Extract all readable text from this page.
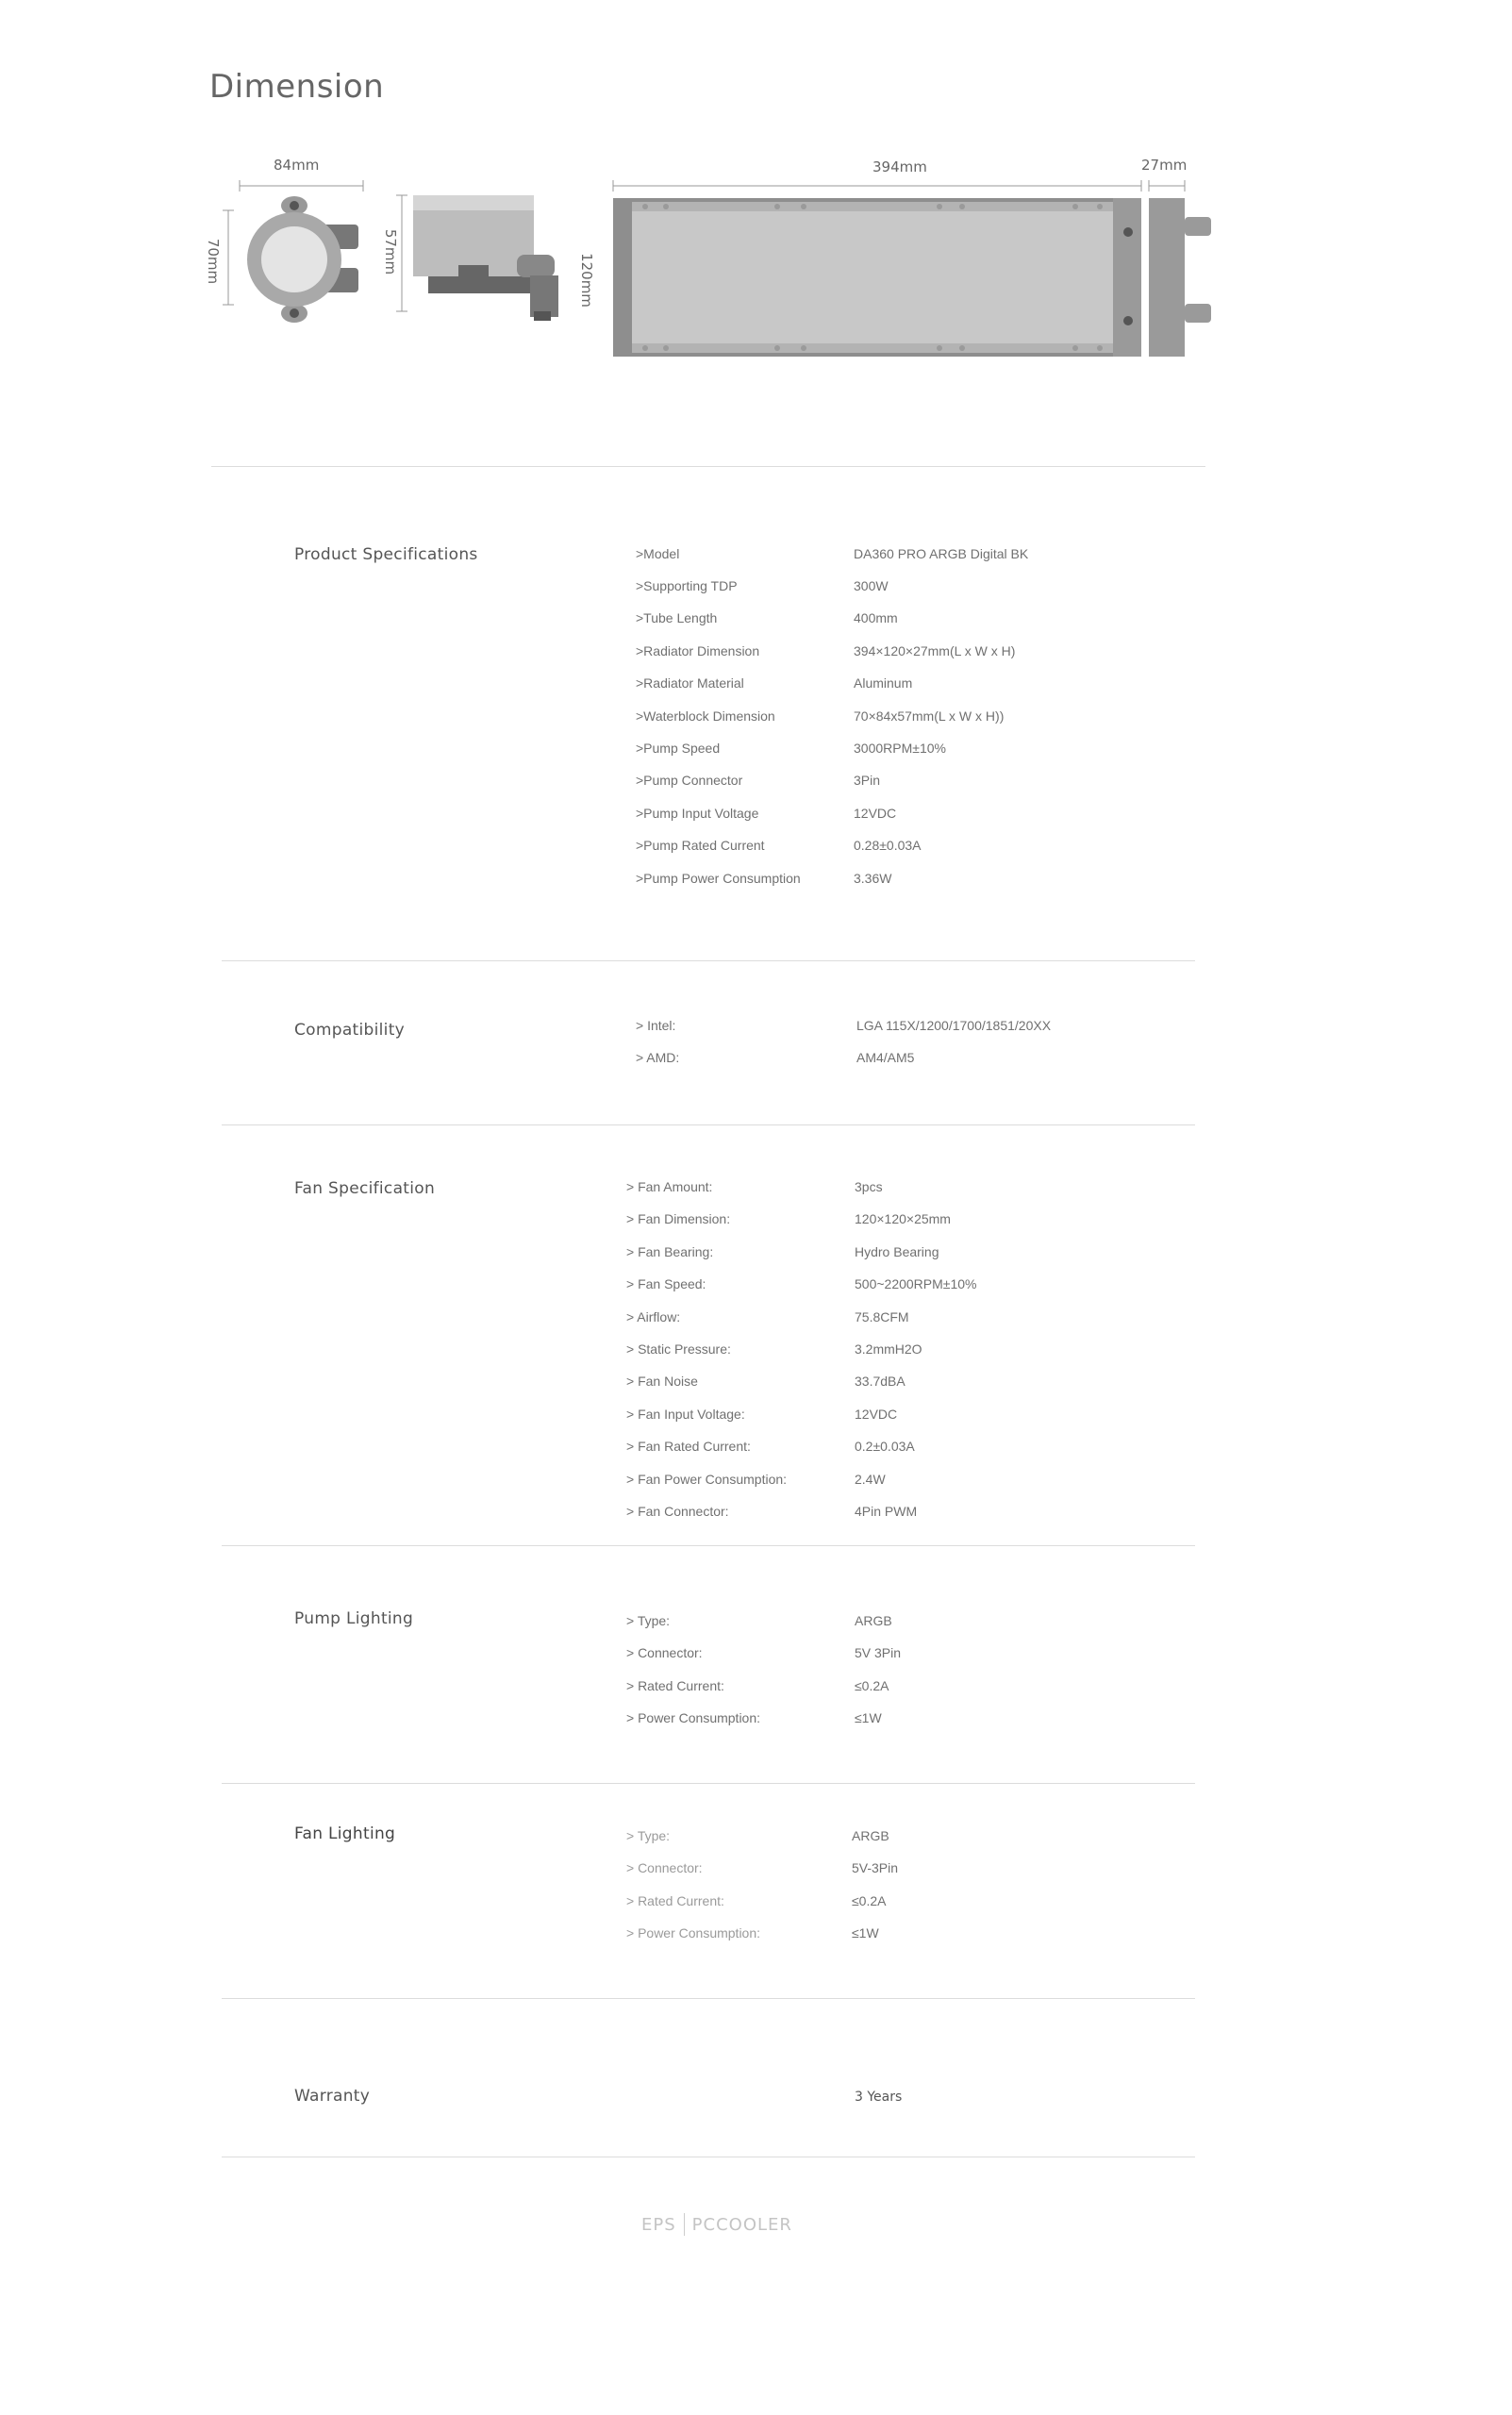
Dimension
84mm
70mm	57mm
394mm
120mm
27mm
Product Specifications	>Model	DA360 PRO ARGB Digital BK
>Supporting TDP	300W
>Tube Length	400mm
>Radiator Dimension	394×120×27mm(L x W x H)
>Radiator Material	Aluminum
>Waterblock Dimension	70×84x57mm(L x W x H))
>Pump Speed	3000RPM±10%
>Pump Connector	3Pin
>Pump Input Voltage	12VDC
>Pump Rated Current	0.28±0.03A
>Pump Power Consumption	3.36W
Compatibility	> Intel:	LGA 115X/1200/1700/1851/20XX
> AMD:	AM4/AM5
Fan Specification	> Fan Amount:	3pcs
> Fan Dimension:	120×120×25mm
> Fan Bearing:	Hydro Bearing
> Fan Speed:	500~2200RPM±10%
> Airflow:	75.8CFM
> Static Pressure:	3.2mmH2O
> Fan Noise	33.7dBA
> Fan Input Voltage:	12VDC
> Fan Rated Current:	0.2±0.03A
> Fan Power Consumption:	2.4W
> Fan Connector:	4Pin PWM
Pump Lighting	> Type:	ARGB
> Connector:	5V 3Pin
> Rated Current:	≤0.2A
> Power Consumption:	≤1W
Fan Lighting	> Type:	ARGB
> Connector:	5V-3Pin
> Rated Current:	≤0.2A
> Power Consumption:	≤1W
Warranty	3 Years
EPS PCCOOLER
